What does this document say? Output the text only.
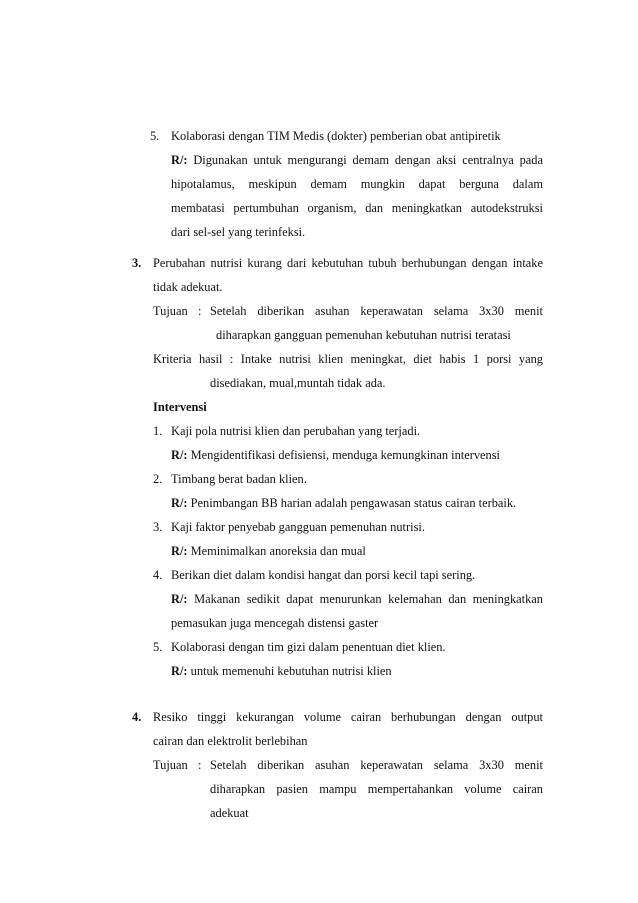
5. Kolaborasi dengan TIM Medis (dokter) pemberian obat antipiretik
R/: Digunakan untuk mengurangi demam dengan aksi centralnya pada
hipotalamus, meskipun demam mungkin dapat berguna dalam
membatasi pertumbuhan organism, dan meningkatkan autodekstruksi
dari sel-sel yang terinfeksi.
3. Perubahan nutrisi kurang dari kebutuhan tubuh berhubungan dengan intake
tidak adekuat.
Tujuan : Setelah diberikan asuhan keperawatan selama 3x30 menit
diharapkan gangguan pemenuhan kebutuhan nutrisi teratasi
Kriteria hasil : Intake nutrisi klien meningkat, diet habis 1 porsi yang
disediakan, mual,muntah tidak ada.
Intervensi
1. Kaji pola nutrisi klien dan perubahan yang terjadi.
R/: Mengidentifikasi defisiensi, menduga kemungkinan intervensi
2. Timbang berat badan klien.
R/: Penimbangan BB harian adalah pengawasan status cairan terbaik.
3. Kaji faktor penyebab gangguan pemenuhan nutrisi.
R/: Meminimalkan anoreksia dan mual
4. Berikan diet dalam kondisi hangat dan porsi kecil tapi sering.
R/: Makanan sedikit dapat menurunkan kelemahan dan meningkatkan
pemasukan juga mencegah distensi gaster
5. Kolaborasi dengan tim gizi dalam penentuan diet klien.
R/: untuk memenuhi kebutuhan nutrisi klien
4. Resiko tinggi kekurangan volume cairan berhubungan dengan output
cairan dan elektrolit berlebihan
Tujuan : Setelah diberikan asuhan keperawatan selama 3x30 menit
diharapkan pasien mampu mempertahankan volume cairan
adekuat
